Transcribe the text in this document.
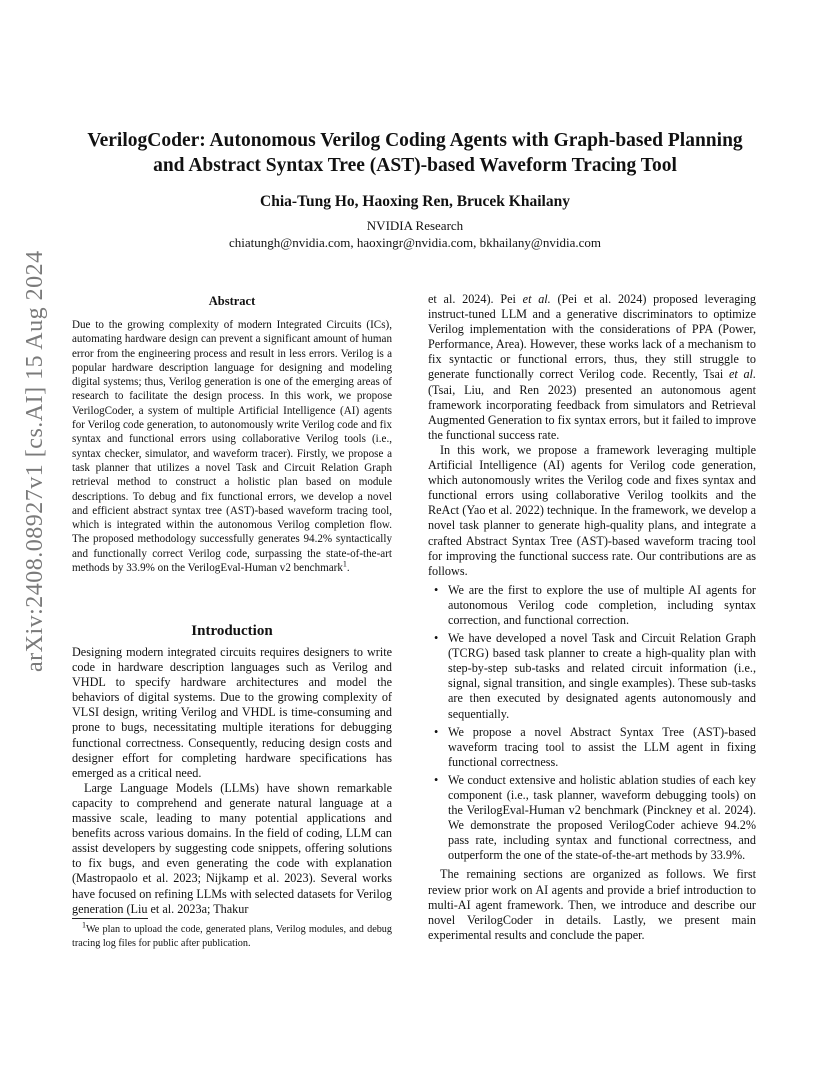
VerilogCoder: Autonomous Verilog Coding Agents with Graph-based Planning
and Abstract Syntax Tree (AST)-based Waveform Tracing Tool
Chia-Tung Ho, Haoxing Ren, Brucek Khailany
NVIDIA Research
chiatungh@nvidia.com, haoxingr@nvidia.com, bkhailany@nvidia.com
arXiv:2408.08927v1 [cs.AI] 15 Aug 2024	Abstract

Due to the growing complexity of modern Integrated Circuits (ICs), automating hardware design can prevent a significant amount of human error from the engineering process and result in less errors. Verilog is a popular hardware description language for designing and modeling digital systems; thus, Verilog generation is one of the emerging areas of research to facilitate the design process. In this work, we propose VerilogCoder, a system of multiple Artificial Intelligence (AI) agents for Verilog code generation, to autonomously write Verilog code and fix syntax and functional errors using collaborative Verilog tools (i.e., syntax checker, simulator, and waveform tracer). Firstly, we propose a task planner that utilizes a novel Task and Circuit Relation Graph retrieval method to construct a holistic plan based on module descriptions. To debug and fix functional errors, we develop a novel and efficient abstract syntax tree (AST)-based waveform tracing tool, which is integrated within the autonomous Verilog completion flow. The proposed methodology successfully generates 94.2% syntactically and functionally correct Verilog code, surpassing the state-of-the-art methods by 33.9% on the VerilogEval-Human v2 benchmark$^1$.

Introduction

Designing modern integrated circuits requires designers to write code in hardware description languages such as Verilog and VHDL to specify hardware architectures and model the behaviors of digital systems. Due to the growing complexity of VLSI design, writing Verilog and VHDL is time-consuming and prone to bugs, necessitating multiple iterations for debugging functional correctness. Consequently, reducing design costs and designer effort for completing hardware specifications has emerged as a critical need.

Large Language Models (LLMs) have shown remarkable capacity to comprehend and generate natural language at a massive scale, leading to many potential applications and benefits across various domains. In the field of coding, LLM can assist developers by suggesting code snippets, offering solutions to fix bugs, and even generating the code with explanation (Mastropaolo et al. 2023; Nijkamp et al. 2023). Several works have focused on refining LLMs with selected datasets for Verilog generation (Liu et al. 2023a; Thakur

$^1$We plan to upload the code, generated plans, Verilog modules, and debug tracing log files for public after publication.

et al. 2024). Pei et al. (Pei et al. 2024) proposed leveraging instruct-tuned LLM and a generative discriminators to optimize Verilog implementation with the considerations of PPA (Power, Performance, Area). However, these works lack of a mechanism to fix syntactic or functional errors, thus, they still struggle to generate functionally correct Verilog code. Recently, Tsai et al. (Tsai, Liu, and Ren 2023) presented an autonomous agent framework incorporating feedback from simulators and Retrieval Augmented Generation to fix syntax errors, but it failed to improve the functional success rate.

In this work, we propose a framework leveraging multiple Artificial Intelligence (AI) agents for Verilog code generation, which autonomously writes the Verilog code and fixes syntax and functional errors using collaborative Verilog toolkits and the ReAct (Yao et al. 2022) technique. In the framework, we develop a novel task planner to generate high-quality plans, and integrate a crafted Abstract Syntax Tree (AST)-based waveform tracing tool for improving the functional success rate. Our contributions are as follows.

• We are the first to explore the use of multiple AI agents for autonomous Verilog code completion, including syntax correction, and functional correction.
• We have developed a novel Task and Circuit Relation Graph (TCRG) based task planner to create a high-quality plan with step-by-step sub-tasks and related circuit information (i.e., signal, signal transition, and single examples). These sub-tasks are then executed by designated agents autonomously and sequentially.
• We propose a novel Abstract Syntax Tree (AST)-based waveform tracing tool to assist the LLM agent in fixing functional correctness.
• We conduct extensive and holistic ablation studies of each key component (i.e., task planner, waveform debugging tools) on the VerilogEval-Human v2 benchmark (Pinckney et al. 2024). We demonstrate the proposed VerilogCoder achieve 94.2% pass rate, including syntax and functional correctness, and outperform the one of the state-of-the-art methods by 33.9%.

The remaining sections are organized as follows. We first review prior work on AI agents and provide a brief introduction to multi-AI agent framework. Then, we introduce and describe our novel VerilogCoder in details. Lastly, we present main experimental results and conclude the paper.
